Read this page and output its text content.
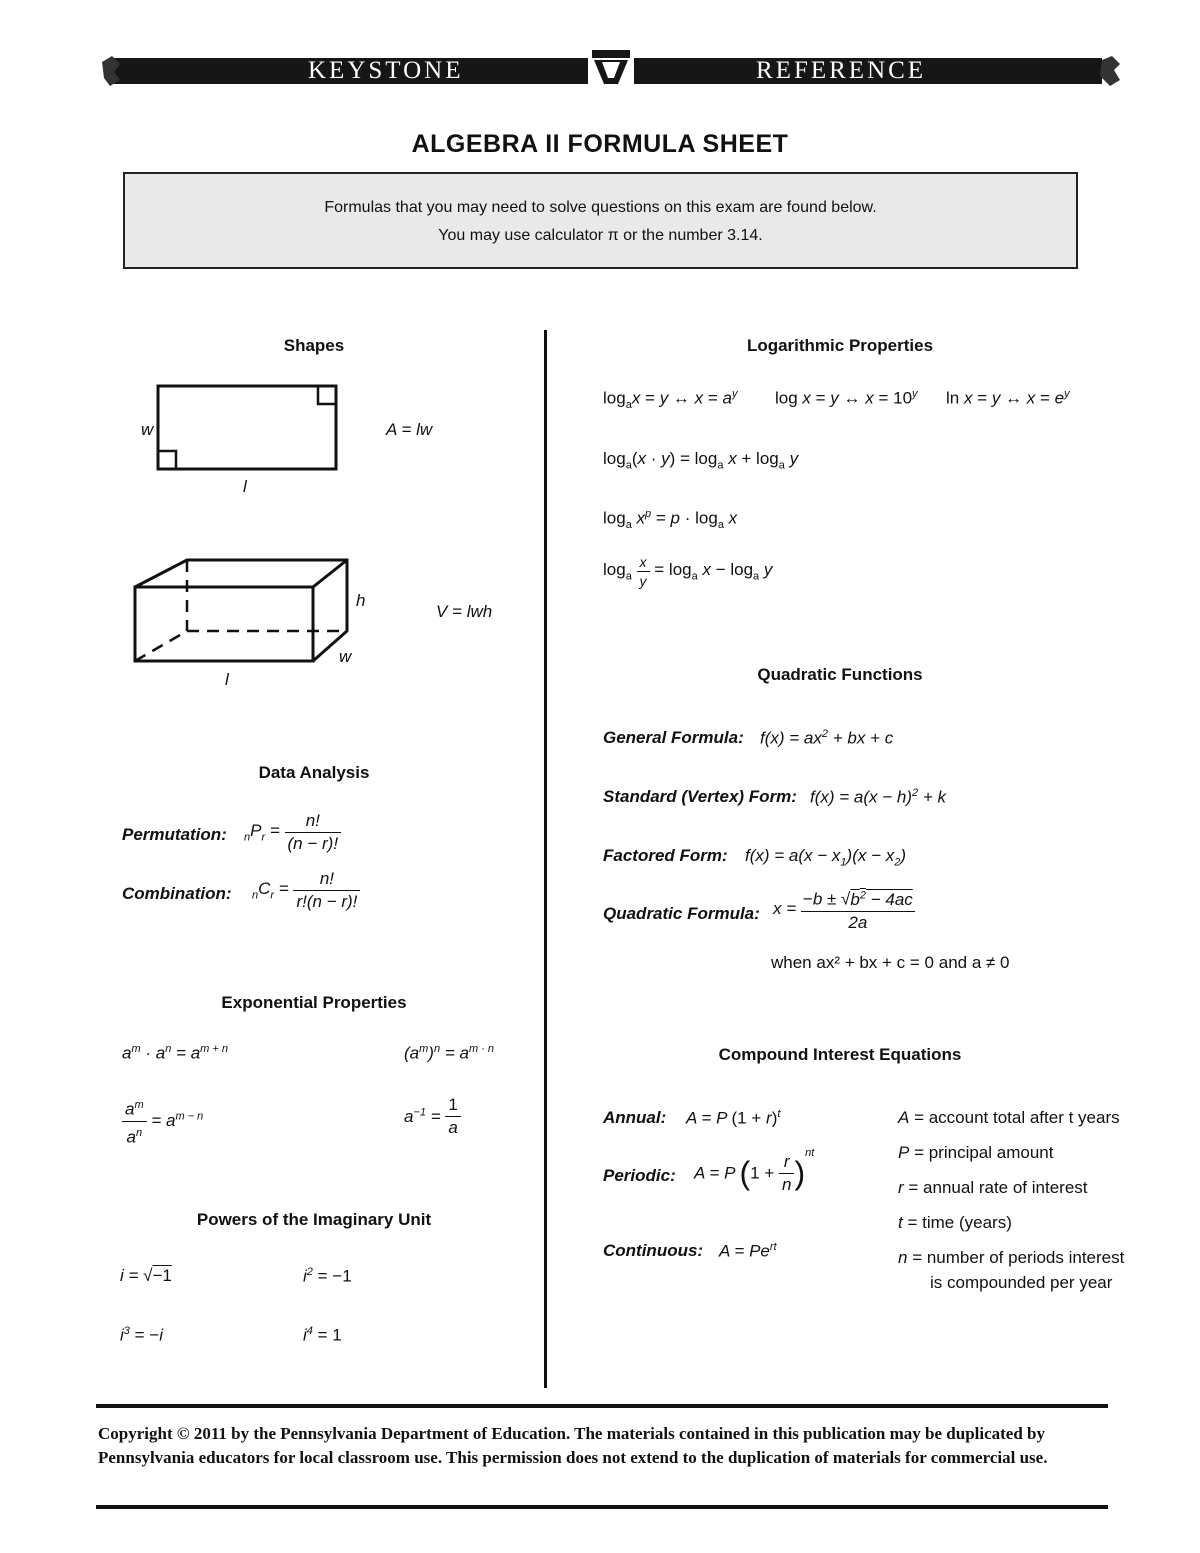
KEYSTONE	REFERENCE
ALGEBRA II FORMULA SHEET
Formulas that you may need to solve questions on this exam are found below.
You may use calculator π or the number 3.14.
Shapes
w
l
A = lw
h
w
l
V = lwh
Data Analysis
Permutation: $_nP_r = \frac{n!}{(n - r)!}$
Combination: $_nC_r = \frac{n!}{r!(n - r)!}$
Exponential Properties
$a^m \cdot a^n = a^{m + n}$	$(a^m)^n = a^{m \cdot n}$
$\frac{a^m}{a^n} = a^{m - n}$	$a^{-1} = \frac{1}{a}$
Powers of the Imaginary Unit
i = √−1	$i^2 = -1$
$i^3 = -i$	$i^4 = 1$
Logarithmic Properties
$\log_ax = y$ ↔ $x = a^y$ log x = y ↔ $x = 10^y$ ln x = y ↔ $x = e^y$
$\log_a(x \cdot y) = \log_a x + \log_a y$
$\log_a x^p = p \cdot \log_a x$
$\log_a \frac{x}{y} = \log_a x - \log_a y$
Quadratic Functions
General Formula: $f(x) = ax^2$ + bx + c
Standard (Vertex) Form: $f(x) = a(x - h)^2 + k$
Factored Form: $f(x) = a(x - x_1)(x - x_2)$
Quadratic Formula: $x = \frac{-b \pm √b^2 - 4ac}{2a}$
when ax² + bx + c = 0 and a ≠ 0
Compound Interest Equations
Annual: A = P $(1 + r)^t$
Periodic: A = P $(1 + \frac{r}{n} )^{nt}$
Continuous: $A = Pe^{rt}$
A = account total after t years
P = principal amount
r = annual rate of interest
t = time (years)
n = number of periods interest
is compounded per year
Copyright © 2011 by the Pennsylvania Department of Education. The materials contained in this publication may be duplicated by Pennsylvania educators for local classroom use. This permission does not extend to the duplication of materials for commercial use.
